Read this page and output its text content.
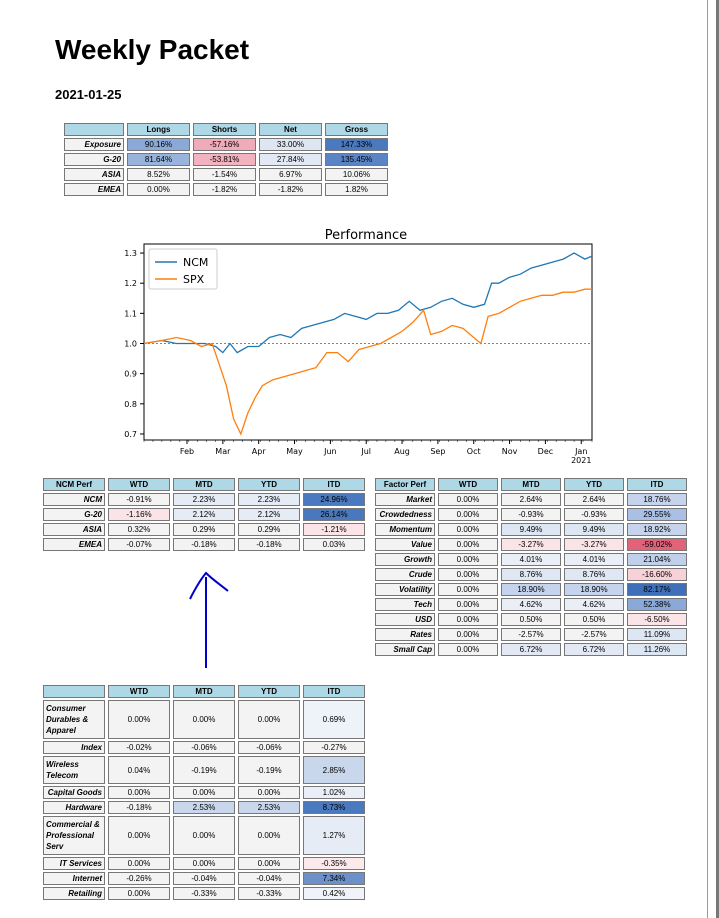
Weekly Packet
2021-01-25
	Longs	Shorts	Net	Gross
Exposure	90.16%	-57.16%	33.00%	147.33%
G-20	81.64%	-53.81%	27.84%	135.45%
ASIA	8.52%	-1.54%	6.97%	10.06%
EMEA	0.00%	-1.82%	-1.82%	1.82%
Performance
0.7
0.8
0.9
1.0
1.1
1.2
1.3
Feb	Mar	Apr	May	Jun	Jul	Aug	Sep	Oct	Nov	Dec	Jan
2021
NCM
SPX
NCM Perf	WTD	MTD	YTD	ITD
NCM	-0.91%	2.23%	2.23%	24.96%
G-20	-1.16%	2.12%	2.12%	26.14%
ASIA	0.32%	0.29%	0.29%	-1.21%
EMEA	-0.07%	-0.18%	-0.18%	0.03%
Factor Perf	WTD	MTD	YTD	ITD
Market	0.00%	2.64%	2.64%	18.76%
Crowdedness	0.00%	-0.93%	-0.93%	29.55%
Momentum	0.00%	9.49%	9.49%	18.92%
Value	0.00%	-3.27%	-3.27%	-59.02%
Growth	0.00%	4.01%	4.01%	21.04%
Crude	0.00%	8.76%	8.76%	-16.60%
Volatility	0.00%	18.90%	18.90%	82.17%
Tech	0.00%	4.62%	4.62%	52.38%
USD	0.00%	0.50%	0.50%	-6.50%
Rates	0.00%	-2.57%	-2.57%	11.09%
Small Cap	0.00%	6.72%	6.72%	11.26%
	WTD	MTD	YTD	ITD
Consumer Durables & Apparel	0.00%	0.00%	0.00%	0.69%
Index	-0.02%	-0.06%	-0.06%	-0.27%
Wireless Telecom	0.04%	-0.19%	-0.19%	2.85%
Capital Goods	0.00%	0.00%	0.00%	1.02%
Hardware	-0.18%	2.53%	2.53%	8.73%
Commercial & Professional Serv	0.00%	0.00%	0.00%	1.27%
IT Services	0.00%	0.00%	0.00%	-0.35%
Internet	-0.26%	-0.04%	-0.04%	7.34%
Retailing	0.00%	-0.33%	-0.33%	0.42%
